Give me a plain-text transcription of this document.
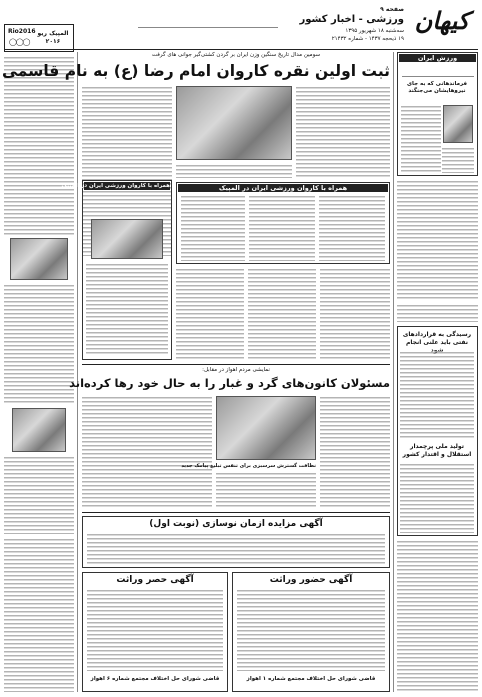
کیهان
صفحه ۹
ورزشی - اخبار کشور
سه‌شنبه ۱۸ شهریور ۱۳۹۵
۱۹ ذیحجه ۱۴۳۷ - شماره ۲۱۴۳۲
Rio2016
◯◯◯
المپیک ریو ۲۰۱۶
سومین مدال تاریخ سنگین وزن ایران بر گردن کشتی‌گیر جوانی های گرفت
ثبت اولین نقره کاروان امام رضا (ع) به نام قاسمی
همراه با کاروان ورزشی ایران در المپیک
همراه با کاروان ورزشی ایران در المپیک
ورزش ایران
فرماندهانی که به جای نیروهایشان می‌جنگند
نمایشی مردم اهواز در مقابل:
مسئولان کانون‌های گرد و غبار را به حال خود رها کرده‌اند
نظافت گسترش سرسبزی برای تنفس تبلیغ پیامک جدید
رسیدگی به قراردادهای نفتی باید علنی انجام شود
توليد ملی پرچمدار استقلال و اقتدار کشور
آگهی مزایده ازمان نوسازی (نوبت اول)
آگهی حضور وراثت
قاضی شورای حل اختلاف مجتمع شماره ۱ اهواز
آگهی حصر وراثت
قاضی شورای حل اختلاف مجتمع شماره ۶ اهواز
